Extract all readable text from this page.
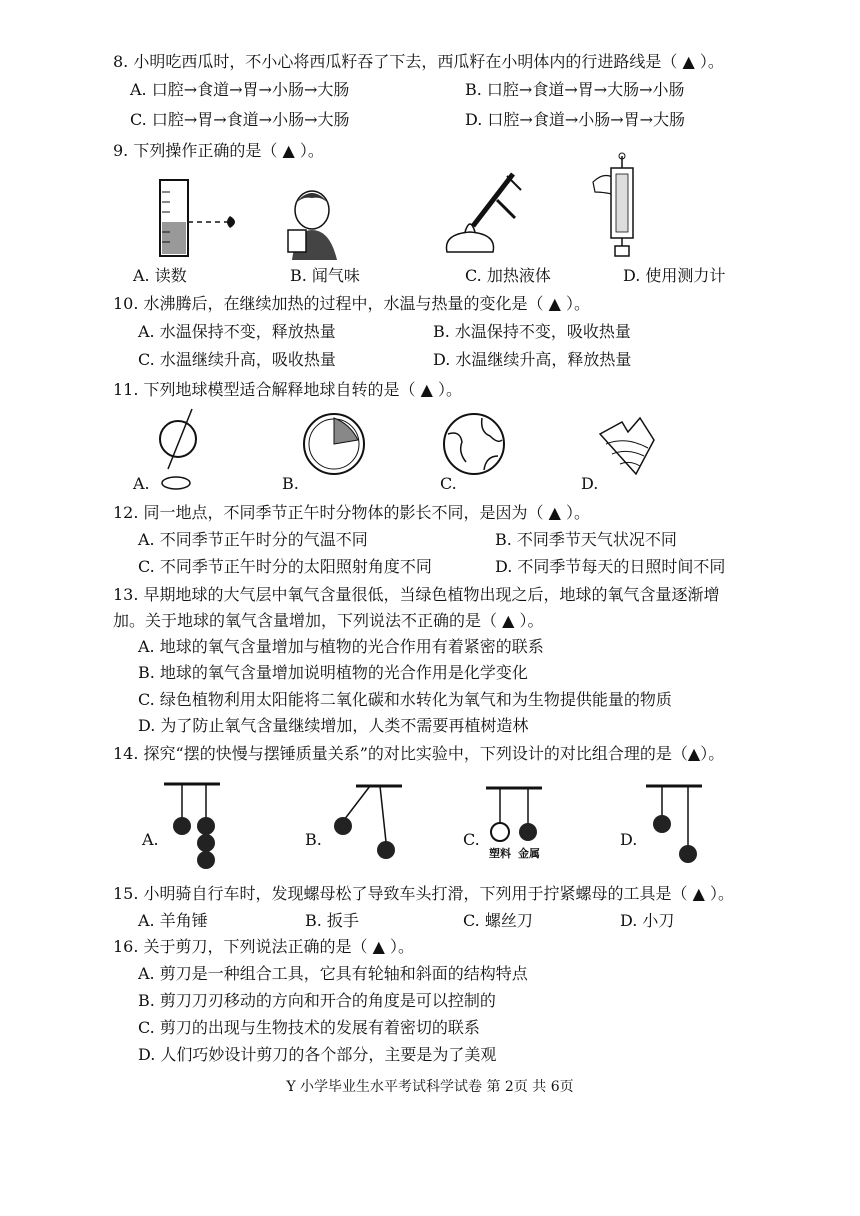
8. 小明吃西瓜时，不小心将西瓜籽吞了下去，西瓜籽在小明体内的行进路线是（ ▲ ）。
A. 口腔→食道→胃→小肠→大肠	B. 口腔→食道→胃→大肠→小肠
C. 口腔→胃→食道→小肠→大肠	D. 口腔→食道→小肠→胃→大肠
9. 下列操作正确的是（ ▲ ）。
A. 读数	B. 闻气味	C. 加热液体	D. 使用测力计
10. 水沸腾后，在继续加热的过程中，水温与热量的变化是（ ▲ ）。
A. 水温保持不变，释放热量	B. 水温保持不变，吸收热量
C. 水温继续升高，吸收热量	D. 水温继续升高，释放热量
11. 下列地球模型适合解释地球自转的是（ ▲ ）。
A.	B.	C.	D.
12. 同一地点，不同季节正午时分物体的影长不同，是因为（ ▲ ）。
A. 不同季节正午时分的气温不同	B. 不同季节天气状况不同
C. 不同季节正午时分的太阳照射角度不同	D. 不同季节每天的日照时间不同
13. 早期地球的大气层中氧气含量很低，当绿色植物出现之后，地球的氧气含量逐渐增
加。关于地球的氧气含量增加，下列说法不正确的是（ ▲ ）。
A. 地球的氧气含量增加与植物的光合作用有着紧密的联系
B. 地球的氧气含量增加说明植物的光合作用是化学变化
C. 绿色植物利用太阳能将二氧化碳和水转化为氧气和为生物提供能量的物质
D. 为了防止氧气含量继续增加，人类不需要再植树造林
14. 探究“摆的快慢与摆锤质量关系”的对比实验中，下列设计的对比组合理的是（▲）。
塑料 金属
A.	B.	C.	D.
15. 小明骑自行车时，发现螺母松了导致车头打滑，下列用于拧紧螺母的工具是（ ▲ ）。
A. 羊角锤	B. 扳手	C. 螺丝刀	D. 小刀
16. 关于剪刀，下列说法正确的是（ ▲ ）。
A. 剪刀是一种组合工具，它具有轮轴和斜面的结构特点
B. 剪刀刀刃移动的方向和开合的角度是可以控制的
C. 剪刀的出现与生物技术的发展有着密切的联系
D. 人们巧妙设计剪刀的各个部分，主要是为了美观
Y 小学毕业生水平考试科学试卷 第 2页 共 6页
